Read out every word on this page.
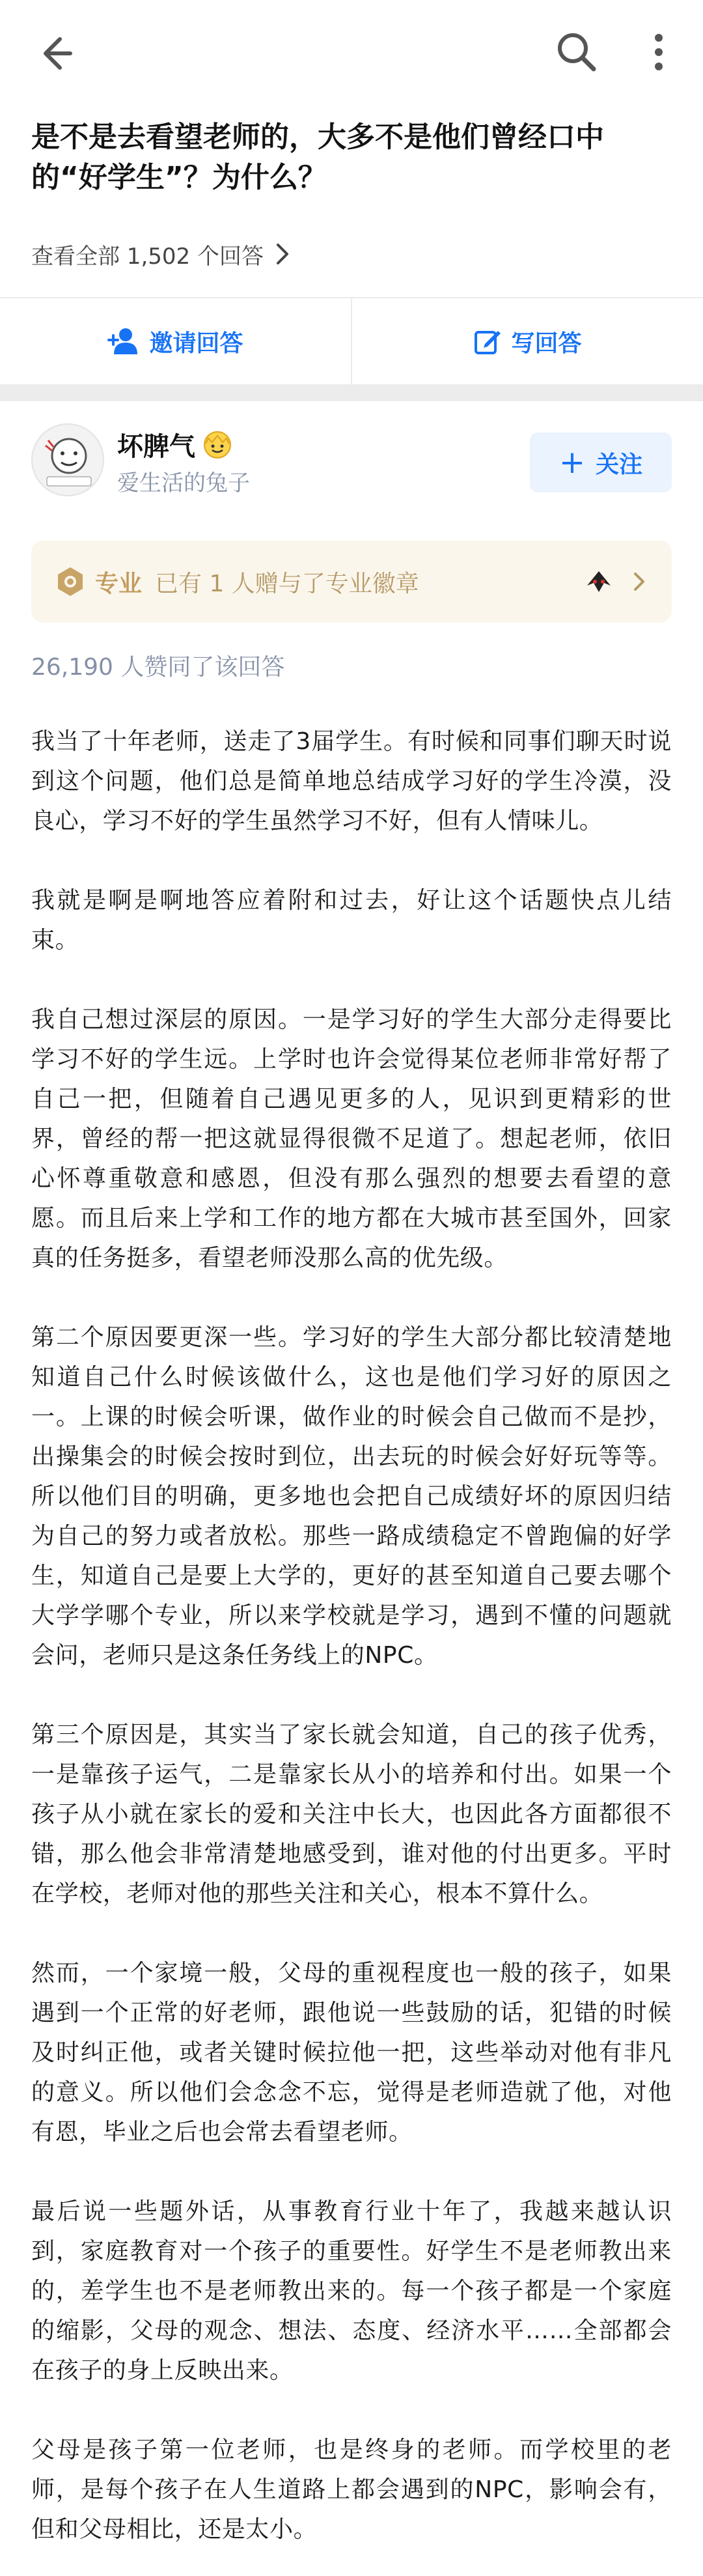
是不是去看望老师的，大多不是他们曾经口中的“好学生”？为什么？
查看全部 1,502 个回答
邀请回答	写回答
坏脾气
爱生活的兔子
+ 关注
专业 已有 1 人赠与了专业徽章
26,190 人赞同了该回答

我当了十年老师，送走了3届学生。有时候和同事们聊天时说到这个问题，他们总是简单地总结成学习好的学生冷漠，没良心，学习不好的学生虽然学习不好，但有人情味儿。

我就是啊是啊地答应着附和过去，好让这个话题快点儿结束。

我自己想过深层的原因。一是学习好的学生大部分走得要比学习不好的学生远。上学时也许会觉得某位老师非常好帮了自己一把，但随着自己遇见更多的人，见识到更精彩的世界，曾经的帮一把这就显得很微不足道了。想起老师，依旧心怀尊重敬意和感恩，但没有那么强烈的想要去看望的意愿。而且后来上学和工作的地方都在大城市甚至国外，回家真的任务挺多，看望老师没那么高的优先级。

第二个原因要更深一些。学习好的学生大部分都比较清楚地知道自己什么时候该做什么，这也是他们学习好的原因之一。上课的时候会听课，做作业的时候会自己做而不是抄，出操集会的时候会按时到位，出去玩的时候会好好玩等等。所以他们目的明确，更多地也会把自己成绩好坏的原因归结为自己的努力或者放松。那些一路成绩稳定不曾跑偏的好学生，知道自己是要上大学的，更好的甚至知道自己要去哪个大学学哪个专业，所以来学校就是学习，遇到不懂的问题就会问，老师只是这条任务线上的NPC。

第三个原因是，其实当了家长就会知道，自己的孩子优秀，一是靠孩子运气，二是靠家长从小的培养和付出。如果一个孩子从小就在家长的爱和关注中长大，也因此各方面都很不错，那么他会非常清楚地感受到，谁对他的付出更多。平时在学校，老师对他的那些关注和关心，根本不算什么。

然而，一个家境一般，父母的重视程度也一般的孩子，如果遇到一个正常的好老师，跟他说一些鼓励的话，犯错的时候及时纠正他，或者关键时候拉他一把，这些举动对他有非凡的意义。所以他们会念念不忘，觉得是老师造就了他，对他有恩，毕业之后也会常去看望老师。

最后说一些题外话，从事教育行业十年了，我越来越认识到，家庭教育对一个孩子的重要性。好学生不是老师教出来的，差学生也不是老师教出来的。每一个孩子都是一个家庭的缩影，父母的观念、想法、态度、经济水平……全部都会在孩子的身上反映出来。

父母是孩子第一位老师，也是终身的老师。而学校里的老师，是每个孩子在人生道路上都会遇到的NPC，影响会有，但和父母相比，还是太小。
